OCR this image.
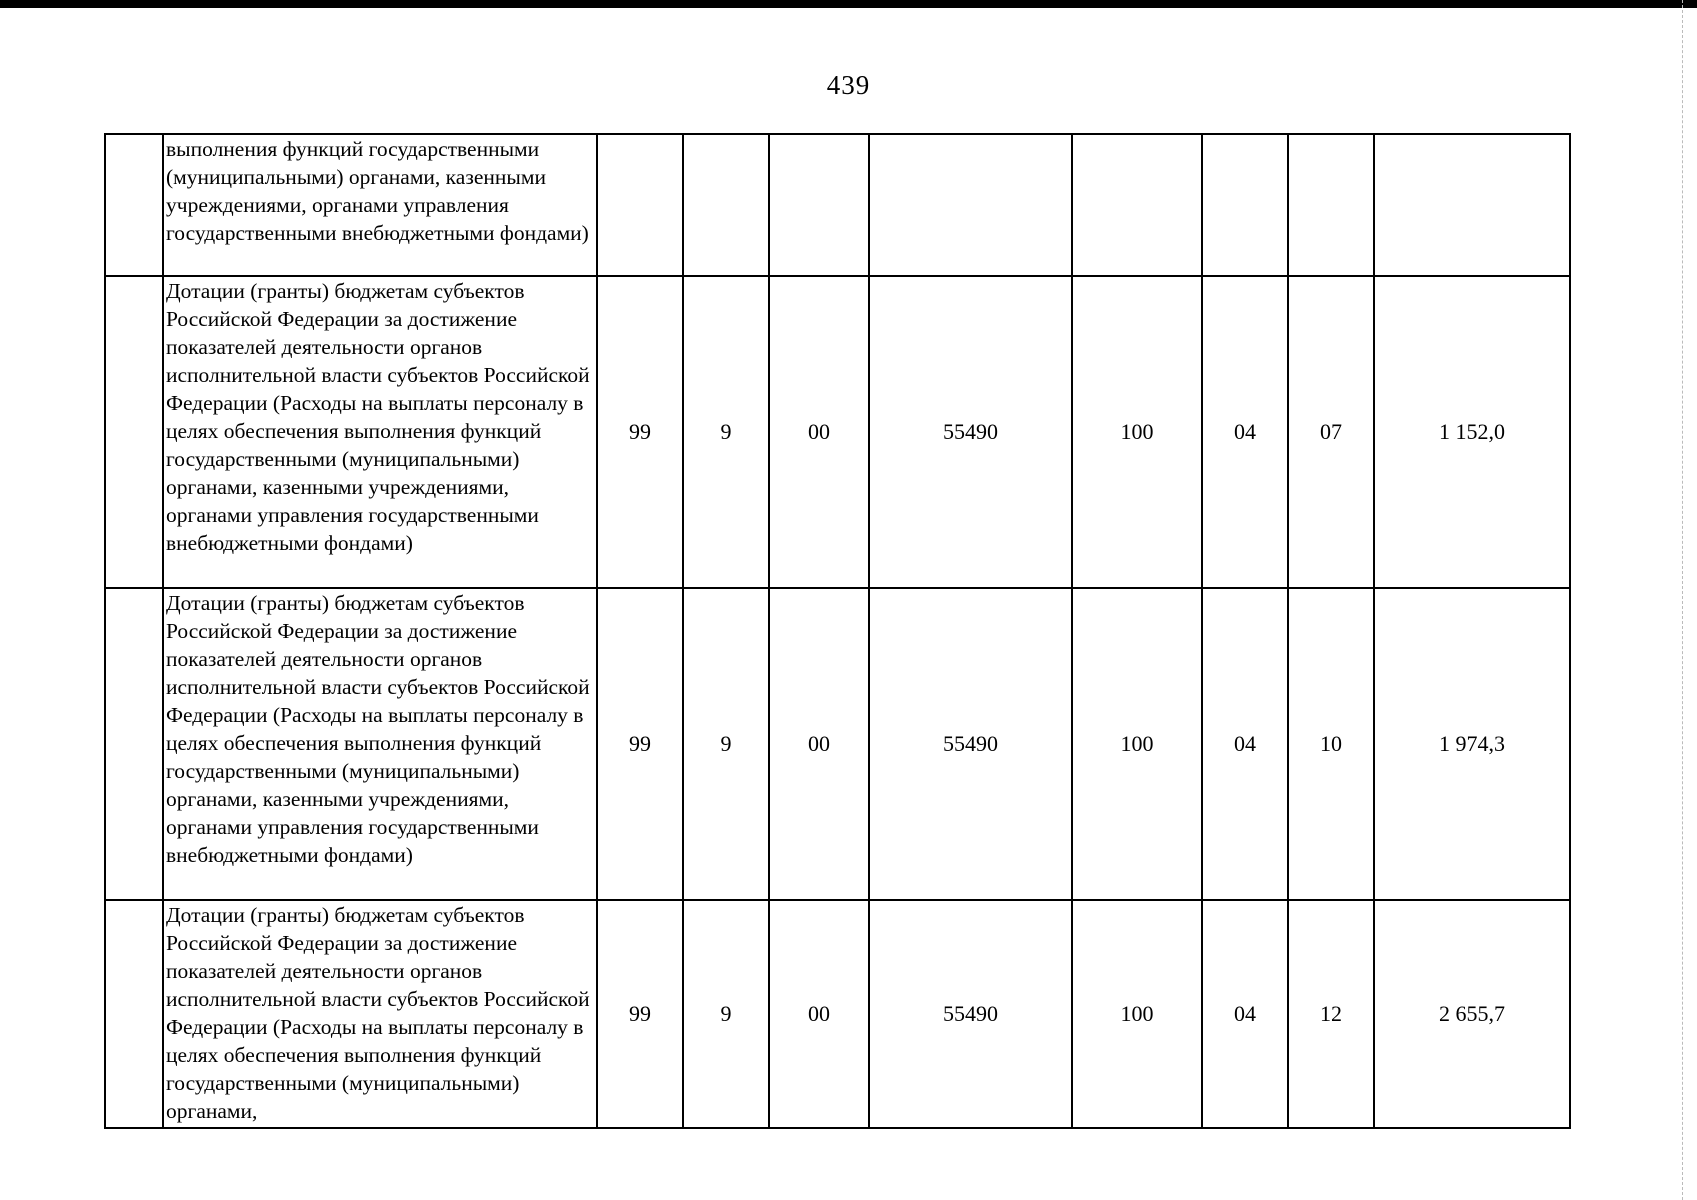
439
	выполнения функций государственными (муниципальными) органами, казенными учреждениями, органами управления государственными внебюджетными фондами)								
	Дотации (гранты) бюджетам субъектов Российской Федерации за достижение показателей деятельности органов исполнительной власти субъектов Российской Федерации (Расходы на выплаты персоналу в целях обеспечения выполнения функций государственными (муниципальными) органами, казенными учреждениями, органами управления государственными внебюджетными фондами)	99	9	00	55490	100	04	07	1 152,0
	Дотации (гранты) бюджетам субъектов Российской Федерации за достижение показателей деятельности органов исполнительной власти субъектов Российской Федерации (Расходы на выплаты персоналу в целях обеспечения выполнения функций государственными (муниципальными) органами, казенными учреждениями, органами управления государственными внебюджетными фондами)	99	9	00	55490	100	04	10	1 974,3
	Дотации (гранты) бюджетам субъектов Российской Федерации за достижение показателей деятельности органов исполнительной власти субъектов Российской Федерации (Расходы на выплаты персоналу в целях обеспечения выполнения функций государственными (муниципальными) органами,	99	9	00	55490	100	04	12	2 655,7
